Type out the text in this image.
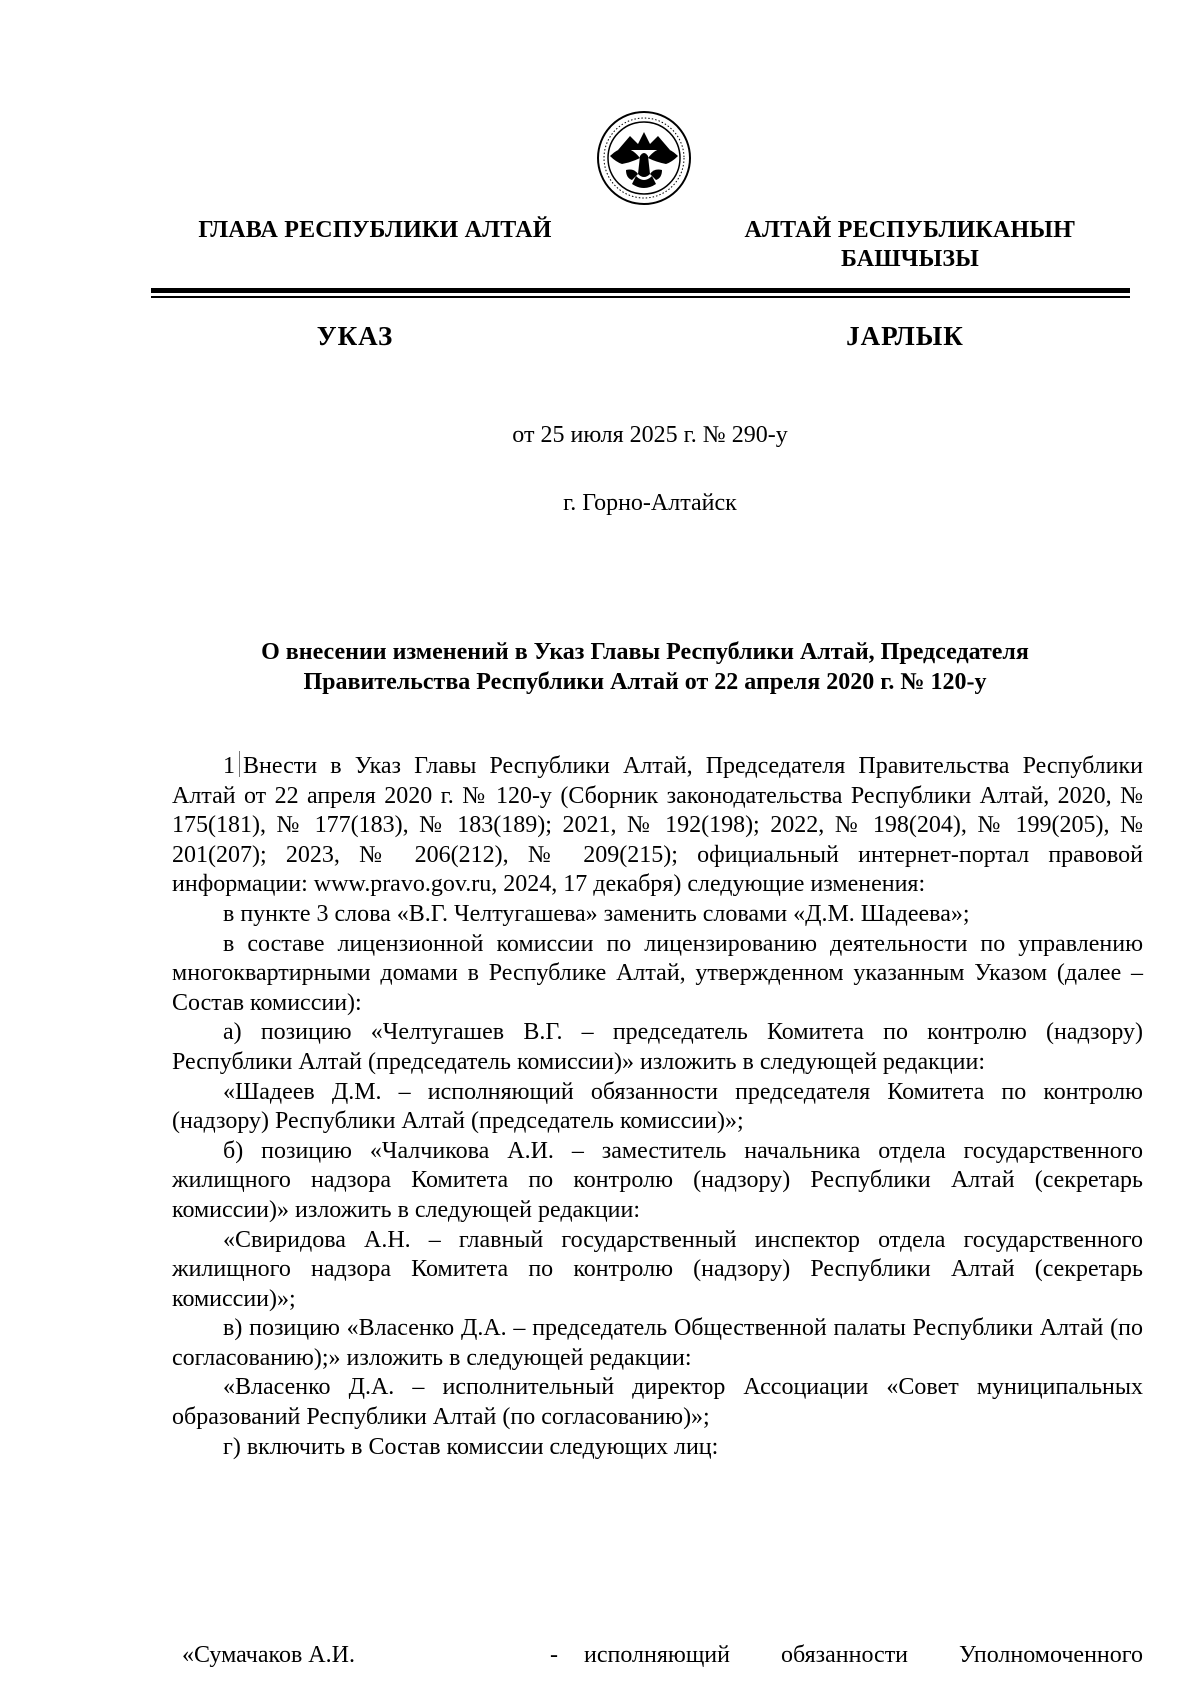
ГЛАВА РЕСПУБЛИКИ АЛТАЙ	АЛТАЙ РЕСПУБЛИКАНЫҤ
БАШЧЫЗЫ
УКАЗ	ЈАРЛЫК
от 25 июля 2025 г. № 290-у
г. Горно-Алтайск
О внесении изменений в Указ Главы Республики Алтай, Председателя
Правительства Республики Алтай от 22 апреля 2020 г. № 120-у

1 Внести в Указ Главы Республики Алтай, Председателя Правительства Республики Алтай от 22 апреля 2020 г. № 120-у (Сборник законодательства Республики Алтай, 2020, № 175(181), № 177(183), № 183(189); 2021, № 192(198); 2022, № 198(204), № 199(205), № 201(207); 2023, № 206(212), № 209(215); официальный интернет-портал правовой информации: www.pravo.gov.ru, 2024, 17 декабря) следующие изменения:

в пункте 3 слова «В.Г. Челтугашева» заменить словами «Д.М. Шадеева»;

в составе лицензионной комиссии по лицензированию деятельности по управлению многоквартирными домами в Республике Алтай, утвержденном указанным Указом (далее – Состав комиссии):

а) позицию «Челтугашев В.Г. – председатель Комитета по контролю (надзору) Республики Алтай (председатель комиссии)» изложить в следующей редакции:

«Шадеев Д.М. – исполняющий обязанности председателя Комитета по контролю (надзору) Республики Алтай (председатель комиссии)»;

б) позицию «Чалчикова А.И. – заместитель начальника отдела государственного жилищного надзора Комитета по контролю (надзору) Республики Алтай (секретарь комиссии)» изложить в следующей редакции:

«Свиридова А.Н. – главный государственный инспектор отдела государственного жилищного надзора Комитета по контролю (надзору) Республики Алтай (секретарь комиссии)»;

в) позицию «Власенко Д.А. – председатель Общественной палаты Республики Алтай (по согласованию);» изложить в следующей редакции:

«Власенко Д.А. – исполнительный директор Ассоциации «Совет муниципальных образований Республики Алтай (по согласованию)»;

г) включить в Состав комиссии следующих лиц:

«Сумачаков А.И.	- исполняющий обязанности Уполномоченного
